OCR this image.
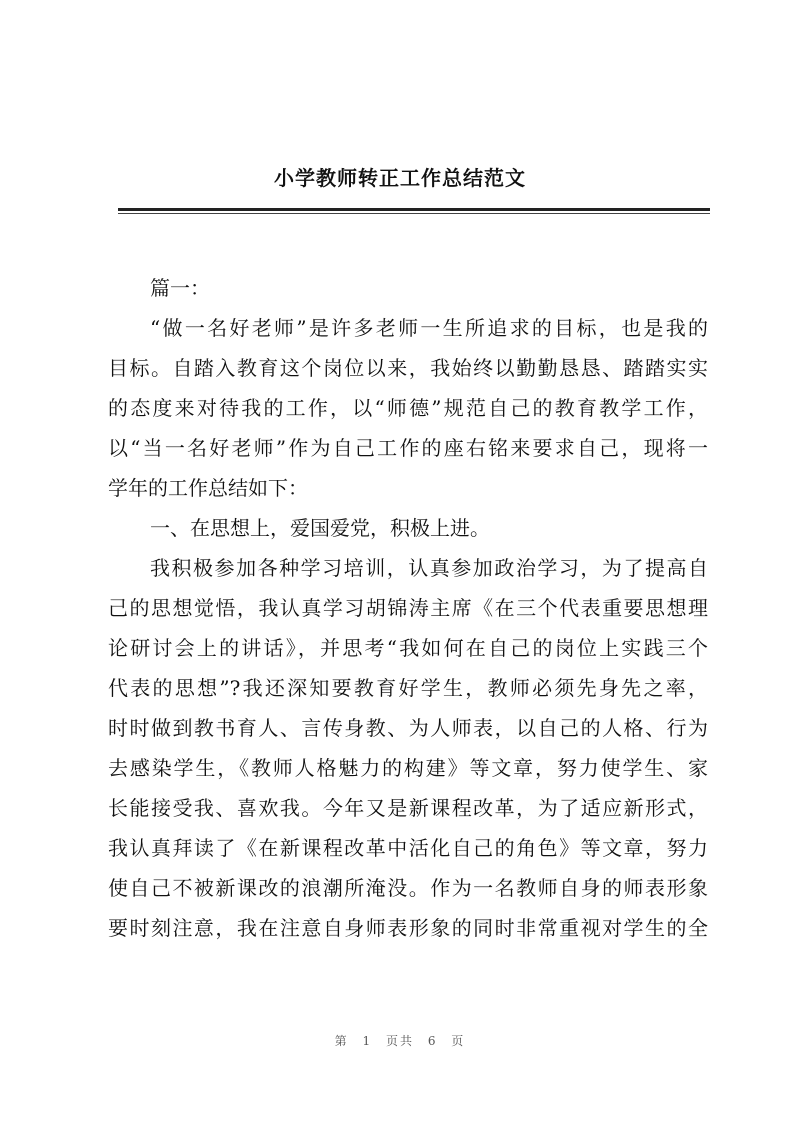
小学教师转正工作总结范文
篇一：
“做一名好老师”是许多老师一生所追求的目标，也是我的
目标。自踏入教育这个岗位以来，我始终以勤勤恳恳、踏踏实实
的态度来对待我的工作，以“师德”规范自己的教育教学工作，
以“当一名好老师”作为自己工作的座右铭来要求自己，现将一
学年的工作总结如下：
一、在思想上，爱国爱党，积极上进。
我积极参加各种学习培训，认真参加政治学习，为了提高自
己的思想觉悟，我认真学习胡锦涛主席《在三个代表重要思想理
论研讨会上的讲话》，并思考“我如何在自己的岗位上实践三个
代表的思想”?我还深知要教育好学生，教师必须先身先之率，
时时做到教书育人、言传身教、为人师表，以自己的人格、行为
去感染学生，《教师人格魅力的构建》等文章，努力使学生、家
长能接受我、喜欢我。今年又是新课程改革，为了适应新形式，
我认真拜读了《在新课程改革中活化自己的角色》等文章，努力
使自己不被新课改的浪潮所淹没。作为一名教师自身的师表形象
要时刻注意，我在注意自身师表形象的同时非常重视对学生的全
第 1 页共 6 页
